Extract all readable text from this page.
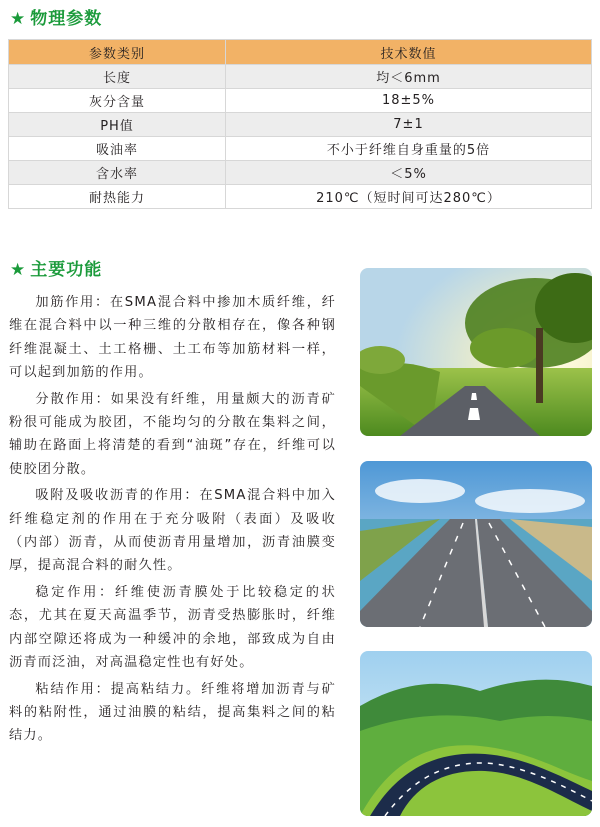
★ 物理参数
参数类别	技术数值
长度	均＜6mm
灰分含量	18±5%
PH值	7±1
吸油率	不小于纤维自身重量的5倍
含水率	＜5%
耐热能力	210℃（短时间可达280℃）
★ 主要功能

加筋作用：在SMA混合料中掺加木质纤维，纤维在混合料中以一种三维的分散相存在，像各种钢纤维混凝土、土工格栅、土工布等加筋材料一样，可以起到加筋的作用。

分散作用：如果没有纤维，用量颇大的沥青矿粉很可能成为胶团，不能均匀的分散在集料之间，辅助在路面上将清楚的看到“油斑”存在，纤维可以使胶团分散。

吸附及吸收沥青的作用：在SMA混合料中加入纤维稳定剂的作用在于充分吸附（表面）及吸收（内部）沥青，从而使沥青用量增加，沥青油膜变厚，提高混合料的耐久性。

稳定作用：纤维使沥青膜处于比较稳定的状态，尤其在夏天高温季节，沥青受热膨胀时，纤维内部空隙还将成为一种缓冲的余地，部致成为自由沥青而泛油，对高温稳定性也有好处。

粘结作用：提高粘结力。纤维将增加沥青与矿料的粘附性，通过油膜的粘结，提高集料之间的粘结力。
